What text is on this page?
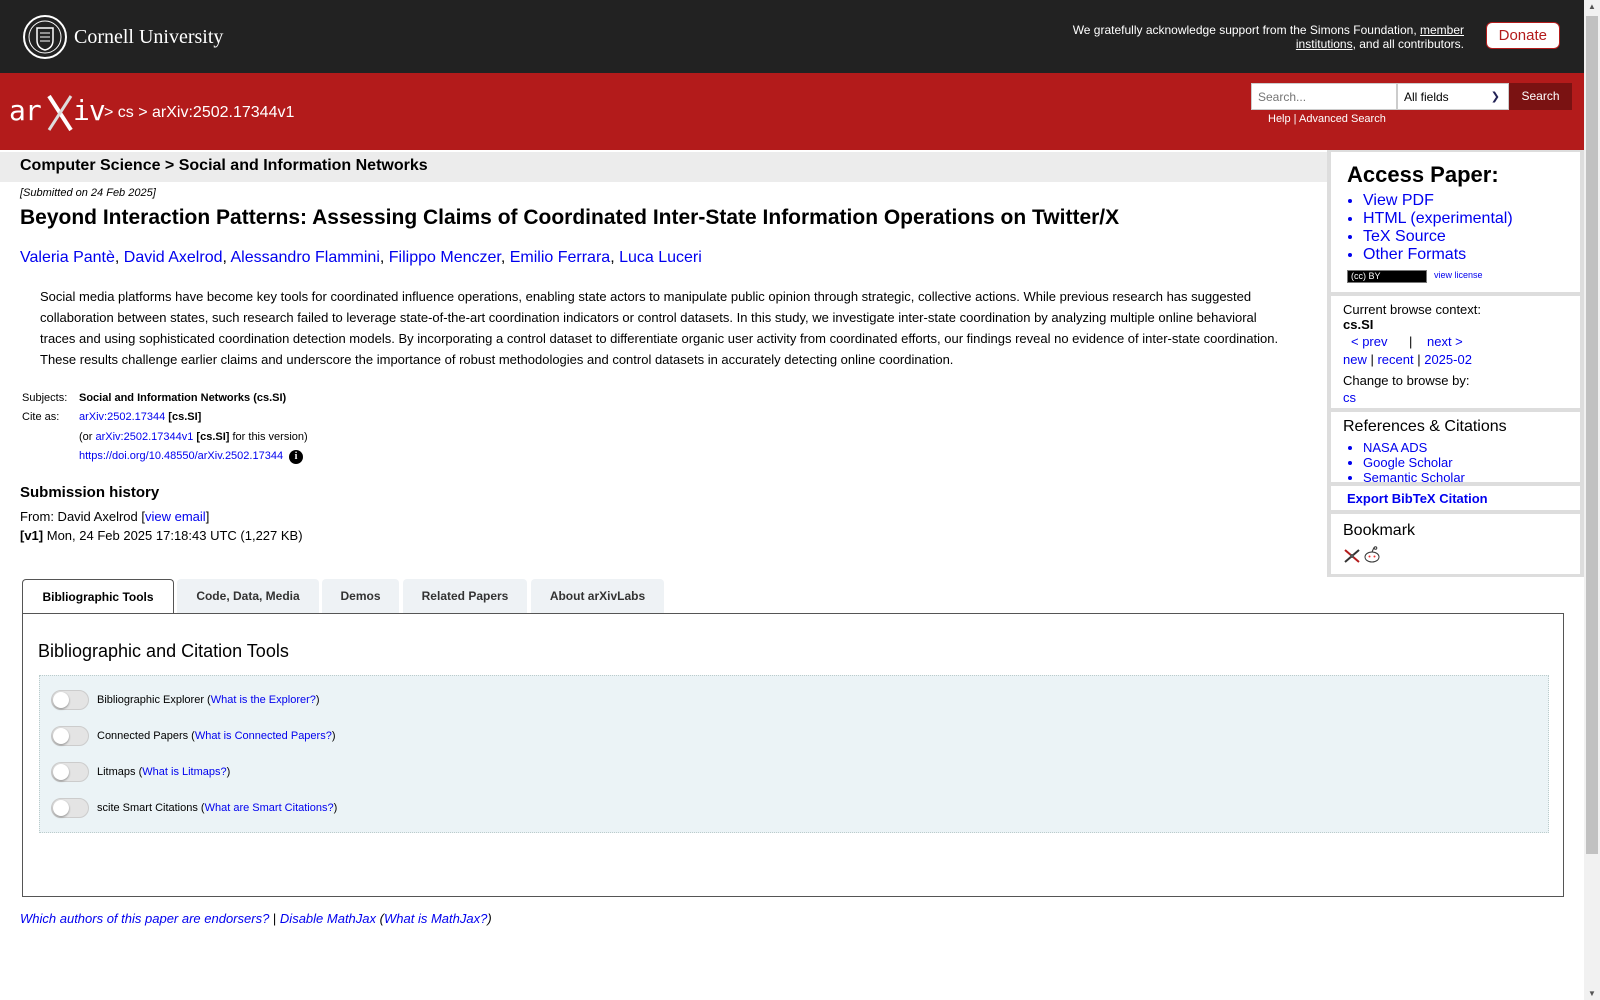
Cornell University	We gratefully acknowledge support from the Simons Foundation, member institutions, and all contributors.	Donate
ar iv > cs > arXiv:2502.17344v1
Search...
All fields	❯	Search
Help | Advanced Search
Computer Science > Social and Information Networks
[Submitted on 24 Feb 2025]
Beyond Interaction Patterns: Assessing Claims of Coordinated Inter-State Information Operations on Twitter/X
Valeria Pantè, David Axelrod, Alessandro Flammini, Filippo Menczer, Emilio Ferrara, Luca Luceri
Social media platforms have become key tools for coordinated influence operations, enabling state actors to manipulate public opinion through strategic, collective actions. While previous research has suggested collaboration between states, such research failed to leverage state-of-the-art coordination indicators or control datasets. In this study, we investigate inter-state coordination by analyzing multiple online behavioral traces and using sophisticated coordination detection models. By incorporating a control dataset to differentiate organic user activity from coordinated efforts, our findings reveal no evidence of inter-state coordination. These results challenge earlier claims and underscore the importance of robust methodologies and control datasets in accurately detecting online coordination.
Subjects:	Social and Information Networks (cs.SI)
Cite as:	arXiv:2502.17344 [cs.SI]
(or arXiv:2502.17344v1 [cs.SI] for this version)
https://doi.org/10.48550/arXiv.2502.17344 i
Submission history
From: David Axelrod [view email]
[v1] Mon, 24 Feb 2025 17:18:43 UTC (1,227 KB)
Bibliographic Tools	Code, Data, Media	Demos	Related Papers	About arXivLabs
Bibliographic and Citation Tools
Bibliographic Explorer ( What is the Explorer? )
Connected Papers ( What is Connected Papers? )
Litmaps ( What is Litmaps? )
scite Smart Citations ( What are Smart Citations? )
Which authors of this paper are endorsers? | Disable MathJax (What is MathJax?)
Access Paper:
• View PDF
• HTML (experimental)
• TeX Source
• Other Formats
(cc) BY	view license
Current browse context:
cs.SI
< prev | next >
new | recent | 2025-02
Change to browse by:
cs
References & Citations
• NASA ADS
• Google Scholar
• Semantic Scholar
Export BibTeX Citation
Bookmark
▲
▼
